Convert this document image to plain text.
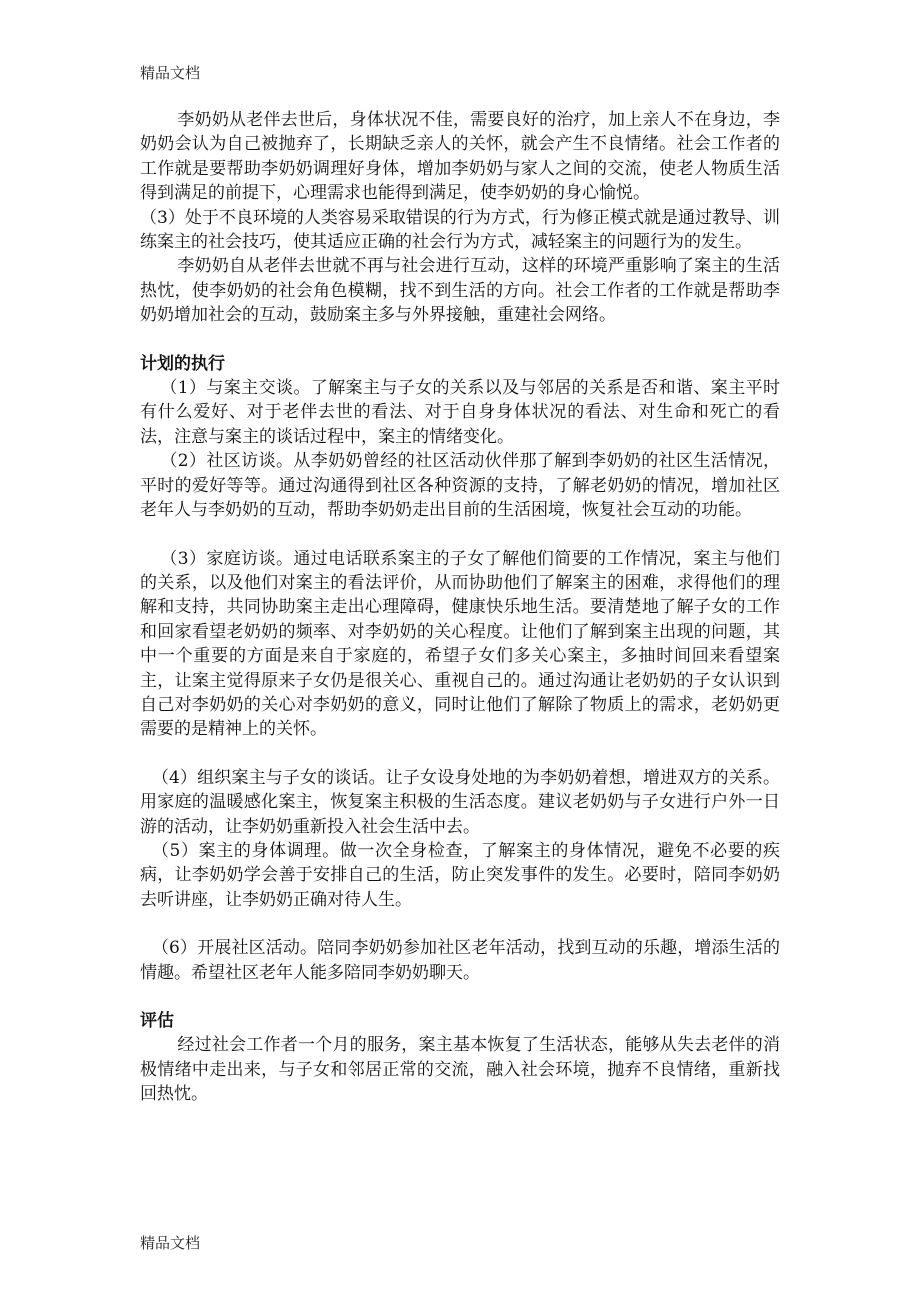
精品文档

李奶奶从老伴去世后，身体状况不佳，需要良好的治疗，加上亲人不在身边，李奶奶会认为自己被抛弃了，长期缺乏亲人的关怀，就会产生不良情绪。社会工作者的工作就是要帮助李奶奶调理好身体，增加李奶奶与家人之间的交流，使老人物质生活得到满足的前提下，心理需求也能得到满足，使李奶奶的身心愉悦。

（3）处于不良环境的人类容易采取错误的行为方式，行为修正模式就是通过教导、训练案主的社会技巧，使其适应正确的社会行为方式，减轻案主的问题行为的发生。

李奶奶自从老伴去世就不再与社会进行互动，这样的环境严重影响了案主的生活热忱，使李奶奶的社会角色模糊，找不到生活的方向。社会工作者的工作就是帮助李奶奶增加社会的互动，鼓励案主多与外界接触，重建社会网络。

计划的执行

（1）与案主交谈。了解案主与子女的关系以及与邻居的关系是否和谐、案主平时有什么爱好、对于老伴去世的看法、对于自身身体状况的看法、对生命和死亡的看法，注意与案主的谈话过程中，案主的情绪变化。

（2）社区访谈。从李奶奶曾经的社区活动伙伴那了解到李奶奶的社区生活情况，平时的爱好等等。通过沟通得到社区各种资源的支持，了解老奶奶的情况，增加社区老年人与李奶奶的互动，帮助李奶奶走出目前的生活困境，恢复社会互动的功能。

（3）家庭访谈。通过电话联系案主的子女了解他们简要的工作情况，案主与他们的关系，以及他们对案主的看法评价，从而协助他们了解案主的困难，求得他们的理解和支持，共同协助案主走出心理障碍，健康快乐地生活。要清楚地了解子女的工作和回家看望老奶奶的频率、对李奶奶的关心程度。让他们了解到案主出现的问题，其中一个重要的方面是来自于家庭的，希望子女们多关心案主，多抽时间回来看望案主，让案主觉得原来子女仍是很关心、重视自己的。通过沟通让老奶奶的子女认识到自己对李奶奶的关心对李奶奶的意义，同时让他们了解除了物质上的需求，老奶奶更需要的是精神上的关怀。

（4）组织案主与子女的谈话。让子女设身处地的为李奶奶着想，增进双方的关系。用家庭的温暖感化案主，恢复案主积极的生活态度。建议老奶奶与子女进行户外一日游的活动，让李奶奶重新投入社会生活中去。

（5）案主的身体调理。做一次全身检查，了解案主的身体情况，避免不必要的疾病，让李奶奶学会善于安排自己的生活，防止突发事件的发生。必要时，陪同李奶奶去听讲座，让李奶奶正确对待人生。

（6）开展社区活动。陪同李奶奶参加社区老年活动，找到互动的乐趣，增添生活的情趣。希望社区老年人能多陪同李奶奶聊天。

评估

经过社会工作者一个月的服务，案主基本恢复了生活状态，能够从失去老伴的消极情绪中走出来，与子女和邻居正常的交流，融入社会环境，抛弃不良情绪，重新找回热忱。

精品文档
